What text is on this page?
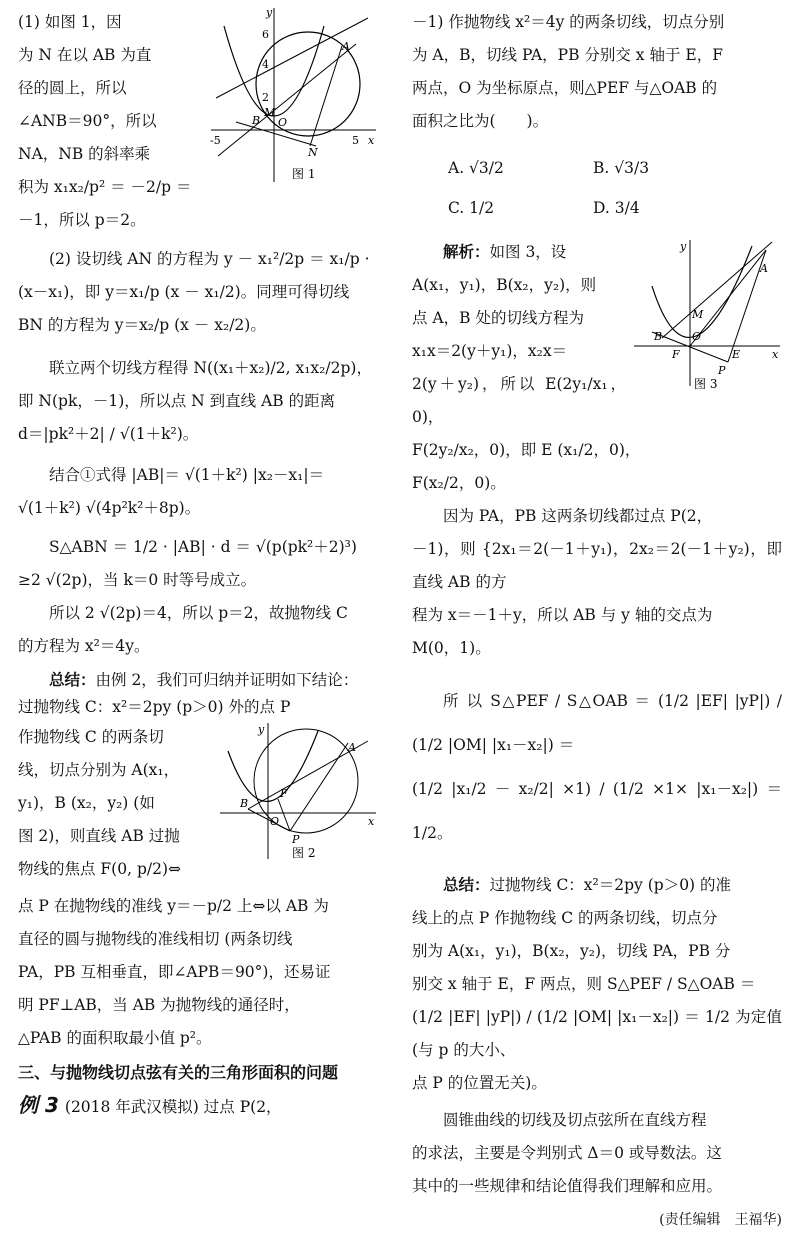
y
6
4
2
A
M
B O
N
-5	5 x
图 1

(1) 如图 1，因
为 N 在以 AB 为直
径的圆上，所以
∠ANB＝90°，所以
NA，NB 的斜率乘
积为 x₁x₂/p² ＝ －2/p ＝
－1，所以 p＝2。

(2) 设切线 AN 的方程为 y － x₁²/2p ＝ x₁/p ·
(x－x₁)，即 y＝x₁/p (x － x₁/2)。同理可得切线
BN 的方程为 y＝x₂/p (x － x₂/2)。

联立两个切线方程得 N((x₁＋x₂)/2, x₁x₂/2p)，
即 N(pk，－1)，所以点 N 到直线 AB 的距离
d＝|pk²＋2| / √(1＋k²)。

结合①式得 |AB|＝ √(1＋k²) |x₂－x₁|＝
√(1＋k²) √(4p²k²＋8p)。

S△ABN ＝ 1/2 · |AB| · d ＝ √(p(pk²＋2)³)
≥2 √(2p)，当 k＝0 时等号成立。

所以 2 √(2p)＝4，所以 p＝2，故抛物线 C
的方程为 x²＝4y。

总结：由例 2，我们可归纳并证明如下结论：
过抛物线 C：x²＝2py (p＞0) 外的点 P

y
A
F
B
O
P
x
图 2

作抛物线 C 的两条切
线，切点分别为 A(x₁，
y₁)，B (x₂，y₂) (如
图 2)，则直线 AB 过抛
物线的焦点 F(0, p/2)⇔

点 P 在抛物线的准线 y＝－p/2 上⇔以 AB 为
直径的圆与抛物线的准线相切 (两条切线
PA，PB 互相垂直，即∠APB＝90°)，还易证
明 PF⊥AB，当 AB 为抛物线的通径时，
△PAB 的面积取最小值 p²。

三、与抛物线切点弦有关的三角形面积的问题

例 3 (2018 年武汉模拟) 过点 P(2，

－1) 作抛物线 x²＝4y 的两条切线，切点分别
为 A，B，切线 PA，PB 分别交 x 轴于 E，F
两点，O 为坐标原点，则△PEF 与△OAB 的
面积之比为(　　)。

A. √3/2	B. √3/3
C. 1/2	D. 3/4
y
A
M
B	O
F	E
P
x
图 3

解析：如图 3，设
A(x₁，y₁)，B(x₂，y₂)，则
点 A，B 处的切线方程为
x₁x＝2(y＋y₁)，x₂x＝
2(y＋y₂)，所以 E(2y₁/x₁，0)，
F(2y₂/x₂，0)，即 E (x₁/2，0)，
F(x₂/2，0)。

因为 PA，PB 这两条切线都过点 P(2，
－1)，则 {2x₁＝2(－1＋y₁)，2x₂＝2(－1＋y₂)，即直线 AB 的方
程为 x＝－1＋y，所以 AB 与 y 轴的交点为
M(0，1)。

所 以 S△PEF / S△OAB ＝ (1/2 |EF| |yP|) / (1/2 |OM| |x₁－x₂|) ＝
(1/2 |x₁/2 － x₂/2| ×1) / (1/2 ×1× |x₁－x₂|) ＝ 1/2。

总结：过抛物线 C：x²＝2py (p＞0) 的准
线上的点 P 作抛物线 C 的两条切线，切点分
别为 A(x₁，y₁)，B(x₂，y₂)，切线 PA，PB 分
别交 x 轴于 E，F 两点，则 S△PEF / S△OAB ＝
(1/2 |EF| |yP|) / (1/2 |OM| |x₁－x₂|) ＝ 1/2 为定值(与 p 的大小、
点 P 的位置无关)。

圆锥曲线的切线及切点弦所在直线方程
的求法，主要是令判别式 Δ＝0 或导数法。这
其中的一些规律和结论值得我们理解和应用。

(责任编辑　王福华)
